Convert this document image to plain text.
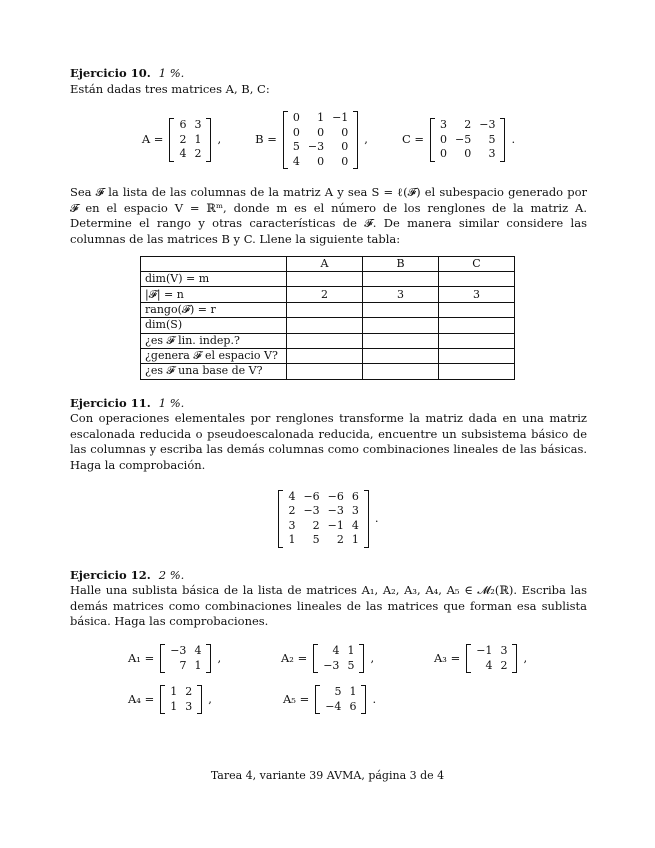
Ejercicio 10. 1 %.

Están dadas tres matrices A, B, C:

A =
6	3
2	1
4	2
,	B =
0	1	−1
0	0	0
5	−3	0
4	0	0
,	C =
3	2	−3
0	−5	5
0	0	3
.

Sea 𝓕 la lista de las columnas de la matriz A y sea S = ℓ(𝓕) el subespacio generado por 𝓕 en el espacio V = ℝᵐ, donde m es el número de los renglones de la matriz A. Determine el rango y otras características de 𝓕. De manera similar considere las columnas de las matrices B y C. Llene la siguiente tabla:

	A	B	C
dim(V) = m			
|𝓕| = n	2	3	3
rango(𝓕) = r			
dim(S)			
¿es 𝓕 lin. indep.?			
¿genera 𝓕 el espacio V?			
¿es 𝓕 una base de V?			
Ejercicio 11. 1 %.

Con operaciones elementales por renglones transforme la matriz dada en una matriz escalonada reducida o pseudoescalonada reducida, encuentre un subsistema básico de las columnas y escriba las demás columnas como combinaciones lineales de las básicas. Haga la comprobación.

4	−6	−6	6
2	−3	−3	3
3	2	−1	4
1	5	2	1
.
Ejercicio 12. 2 %.

Halle una sublista básica de la lista de matrices A₁, A₂, A₃, A₄, A₅ ∈ 𝓜₂(ℝ). Escriba las demás matrices como combinaciones lineales de las matrices que forman esa sublista básica. Haga las comprobaciones.

A₁ =
−3	4
7	1
,	A₂ =
4	1
−3	5
,	A₃ =
−1	3
4	2
,
A₄ =
1	2
1	3
,	A₅ =
5	1
−4	6
.
Tarea 4, variante 39 AVMA, página 3 de 4
